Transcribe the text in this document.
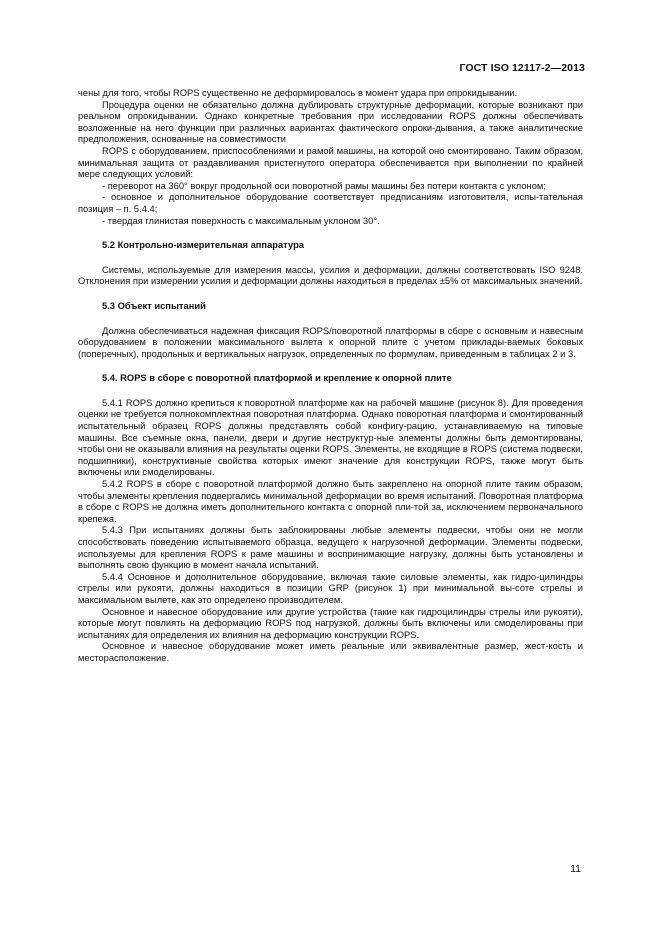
ГОСТ ISO 12117-2—2013

чены для того, чтобы ROPS существенно не деформировалось в момент удара при опрокидывании.

Процедура оценки не обязательно должна дублировать структурные деформации, которые возникают при реальном опрокидывании. Однако конкретные требования при исследовании ROPS должны обеспечивать возложенные на него функции при различных вариантах фактического опроки-дывания, а также аналитические предположения, основанные на совместимости

ROPS с оборудованием, приспособлениями и рамой машины, на которой оно смонтировано. Таким образом, минимальная защита от раздавливания пристегнутого оператора обеспечивается при выполнении по крайней мере следующих условий:

- переворот на 360° вокруг продольной оси поворотной рамы машины без потери контакта с уклоном;

- основное и дополнительное оборудование соответствует предписаниям изготовителя, испы-тательная позиция – п. 5.4.4;

- твердая глинистая поверхность с максимальным уклоном 30°.

5.2 Контрольно-измерительная аппаратура

Системы, используемые для измерения массы, усилия и деформации, должны соответствовать ISO 9248. Отклонения при измерении усилия и деформации должны находиться в пределах ±5% от максимальных значений.

5.3 Объект испытаний

Должна обеспечиваться надежная фиксация ROPS/поворотной платформы в сборе с основным и навесным оборудованием в положении максимального вылета к опорной плите с учетом приклады-ваемых боковых (поперечных), продольных и вертикальных нагрузок, определенных по формулам, приведенным в таблицах 2 и 3.

5.4. ROPS в сборе с поворотной платформой и крепление к опорной плите

5.4.1 ROPS должно крепиться к поворотной платформе как на рабочей машине (рисунок 8). Для проведения оценки не требуется полнокомплектная поворотная платформа. Однако поворотная платформа и смонтированный испытательный образец ROPS должны представлять собой конфигу-рацию, устанавливаемую на типовые машины. Все съемные окна, панели, двери и другие неструктур-ные элементы должны быть демонтированы, чтобы они не оказывали влияния на результаты оценки ROPS. Элементы, не входящие в ROPS (система подвески, подшипники), конструктивные свойства которых имеют значение для конструкции ROPS, также могут быть включены или смоделированы.

5.4.2 ROPS в сборе с поворотной платформой должно быть закреплено на опорной плите таким образом, чтобы элементы крепления подвергались минимальной деформации во время испытаний. Поворотная платформа в сборе с ROPS не должна иметь дополнительного контакта с опорной пли-той за, исключением первоначального крепежа.

5.4.3 При испытаниях должны быть заблокированы любые элементы подвески, чтобы они не могли способствовать поведению испытываемого образца, ведущего к нагрузочной деформации. Элементы подвески, используемы для крепления ROPS к раме машины и воспринимающие нагрузку, должны быть установлены и выполнять свою функцию в момент начала испытаний.

5.4.4 Основное и дополнительное оборудование, включая такие силовые элементы, как гидро-цилиндры стрелы или рукояти, должны находиться в позиции GRP (рисунок 1) при минимальной вы-соте стрелы и максимальном вылете, как это определено производителем.

Основное и навесное оборудование или другие устройства (такие как гидроцилиндры стрелы или рукояти), которые могут повлиять на деформацию ROPS под нагрузкой, должны быть включены или смоделированы при испытаниях для определения их влияния на деформацию конструкции ROPS.

Основное и навесное оборудование может иметь реальные или эквивалентные размер, жест-кость и месторасположение.

11
